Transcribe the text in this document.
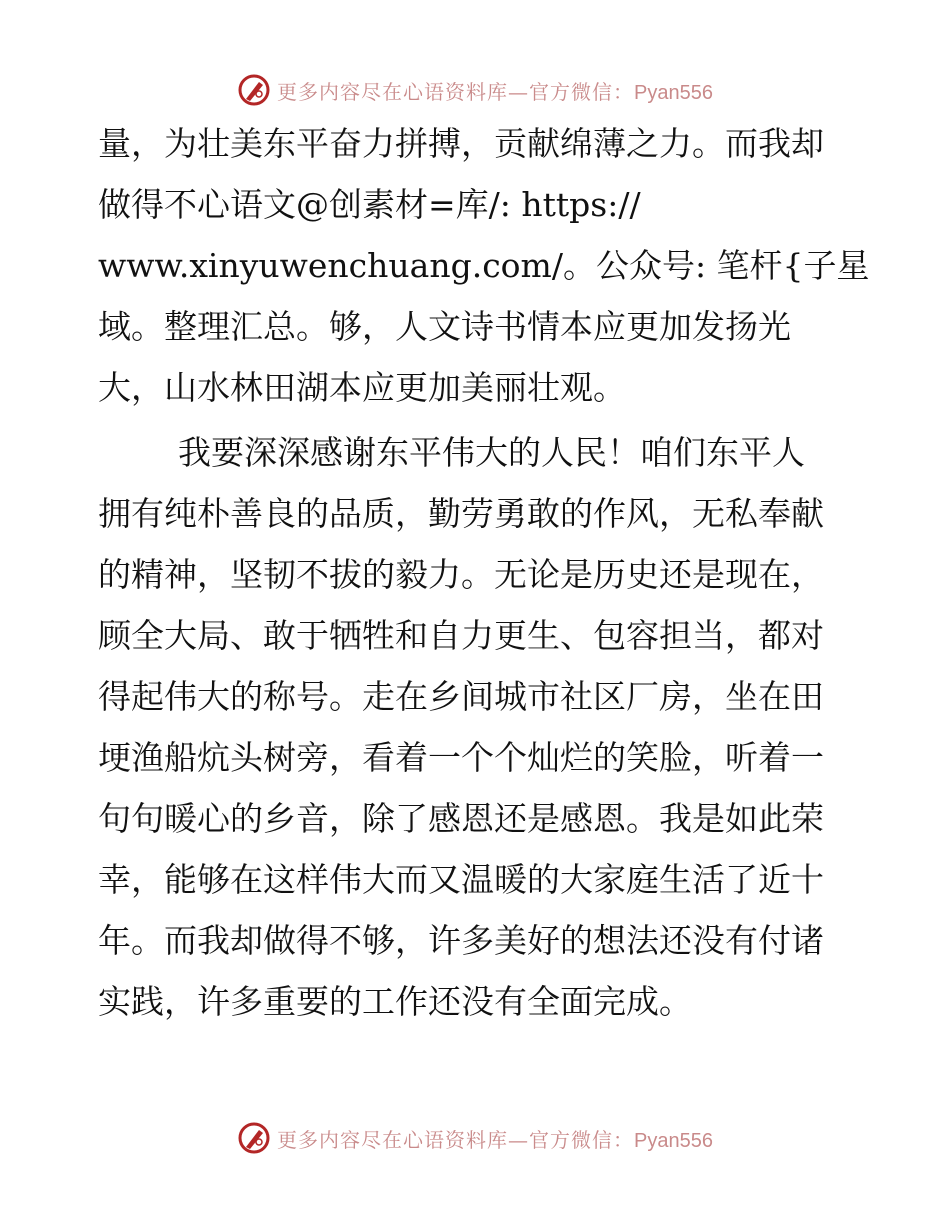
更多内容尽在心语资料库—官方微信：Pyan556
量，为壮美东平奋力拼搏，贡献绵薄之力。而我却
做得不心语文@创素材=库/: https://
www.xinyuwenchuang.com/。公众号: 笔杆{子星
域。整理汇总。够，人文诗书情本应更加发扬光
大，山水林田湖本应更加美丽壮观。
我要深深感谢东平伟大的人民！咱们东平人
拥有纯朴善良的品质，勤劳勇敢的作风，无私奉献
的精神，坚韧不拔的毅力。无论是历史还是现在，
顾全大局、敢于牺牲和自力更生、包容担当，都对
得起伟大的称号。走在乡间城市社区厂房，坐在田
埂渔船炕头树旁，看着一个个灿烂的笑脸，听着一
句句暖心的乡音，除了感恩还是感恩。我是如此荣
幸，能够在这样伟大而又温暖的大家庭生活了近十
年。而我却做得不够，许多美好的想法还没有付诸
实践，许多重要的工作还没有全面完成。
更多内容尽在心语资料库—官方微信：Pyan556
